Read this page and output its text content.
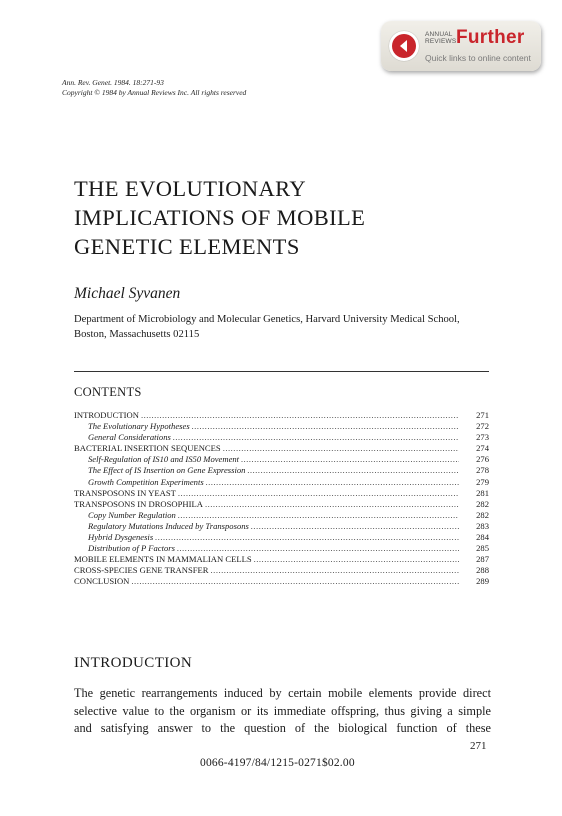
ANNUAL
REVIEWS Further
Quick links to online content
Ann. Rev. Genet. 1984. 18:271-93
Copyright © 1984 by Annual Reviews Inc. All rights reserved
THE EVOLUTIONARY
IMPLICATIONS OF MOBILE
GENETIC ELEMENTS
Michael Syvanen
Department of Microbiology and Molecular Genetics, Harvard University Medical School, Boston, Massachusetts 02115
CONTENTS
INTRODUCTION .....	271
The Evolutionary Hypotheses .....	272
General Considerations .....	273
BACTERIAL INSERTION SEQUENCES .....	274
Self-Regulation of IS10 and IS50 Movement .....	276
The Effect of IS Insertion on Gene Expression .....	278
Growth Competition Experiments .....	279
TRANSPOSONS IN YEAST .....	281
TRANSPOSONS IN DROSOPHILA .....	282
Copy Number Regulation .....	282
Regulatory Mutations Induced by Transposons .....	283
Hybrid Dysgenesis .....	284
Distribution of P Factors .....	285
MOBILE ELEMENTS IN MAMMALIAN CELLS .....	287
CROSS-SPECIES GENE TRANSFER .....	288
CONCLUSION .....	289
INTRODUCTION
The genetic rearrangements induced by certain mobile elements provide direct
selective value to the organism or its immediate offspring, thus giving a simple
and satisfying answer to the question of the biological function of these
271
0066-4197/84/1215-0271$02.00
